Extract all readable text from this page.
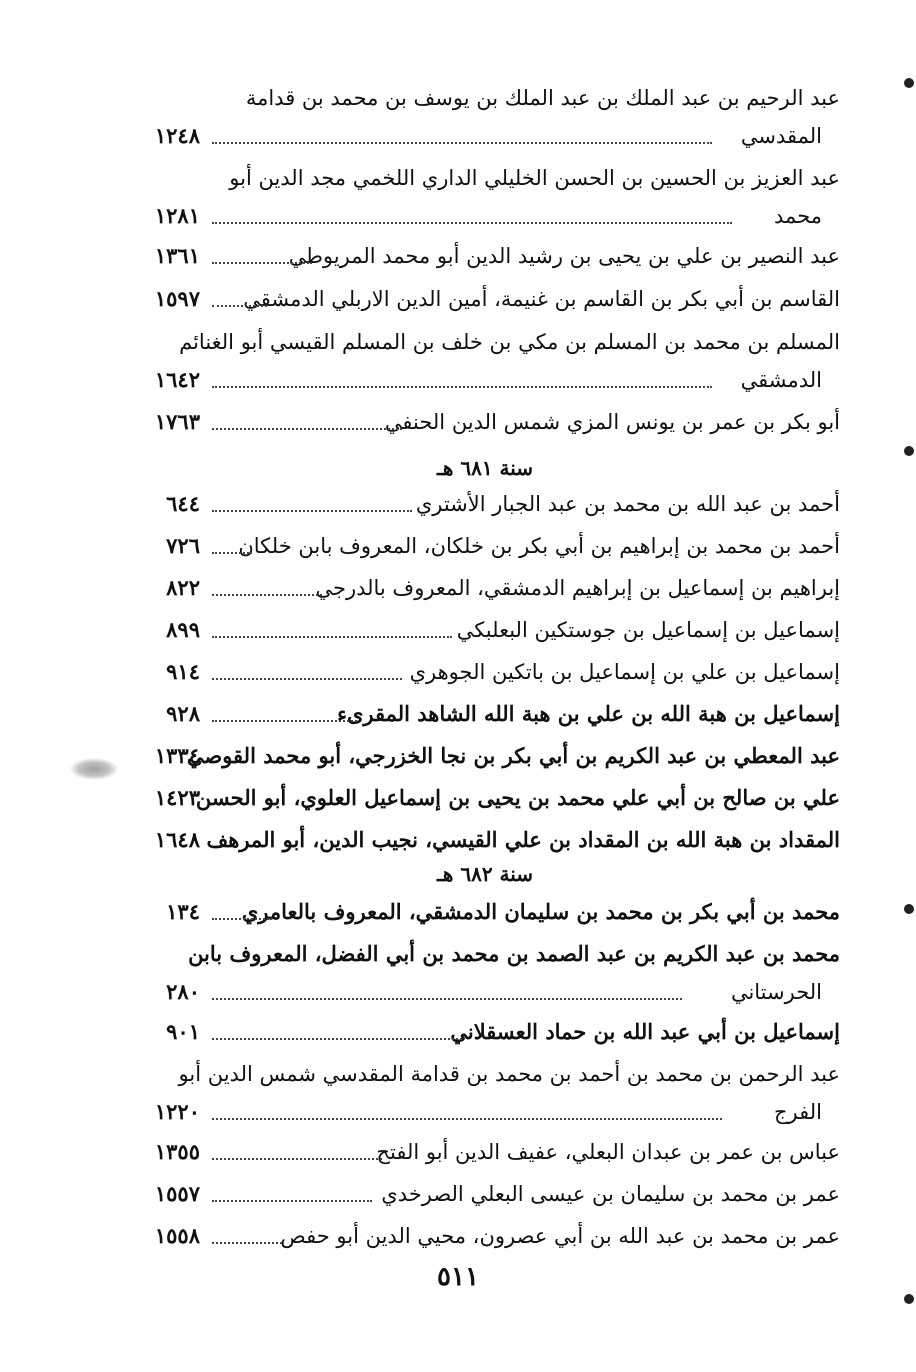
عبد الرحيم بن عبد الملك بن عبد الملك بن يوسف بن محمد بن قدامة
المقدسي
١٢٤٨
عبد العزيز بن الحسين بن الحسن الخليلي الداري اللخمي مجد الدين أبو
محمد
١٢٨١
عبد النصير بن علي بن يحيى بن رشيد الدين أبو محمد المريوطي
١٣٦١
القاسم بن أبي بكر بن القاسم بن غنيمة، أمين الدين الاربلي الدمشقي
١٥٩٧
المسلم بن محمد بن المسلم بن مكي بن خلف بن المسلم القيسي أبو الغنائم
الدمشقي
١٦٤٢
أبو بكر بن عمر بن يونس المزي شمس الدين الحنفي
١٧٦٣
سنة ٦٨١ هـ
أحمد بن عبد الله بن محمد بن عبد الجبار الأشتري
٦٤٤
أحمد بن محمد بن إبراهيم بن أبي بكر بن خلكان، المعروف بابن خلكان
٧٢٦
إبراهيم بن إسماعيل بن إبراهيم الدمشقي، المعروف بالدرجي
٨٢٢
إسماعيل بن إسماعيل بن جوستكين البعلبكي
٨٩٩
إسماعيل بن علي بن إسماعيل بن باتكين الجوهري
٩١٤
إسماعيل بن هبة الله بن علي بن هبة الله الشاهد المقرىء
٩٢٨
عبد المعطي بن عبد الكريم بن أبي بكر بن نجا الخزرجي، أبو محمد القوصي
١٣٣٤
علي بن صالح بن أبي علي محمد بن يحيى بن إسماعيل العلوي، أبو الحسن
١٤٢٣
المقداد بن هبة الله بن المقداد بن علي القيسي، نجيب الدين، أبو المرهف
١٦٤٨
سنة ٦٨٢ هـ
محمد بن أبي بكر بن محمد بن سليمان الدمشقي، المعروف بالعامري
١٣٤
محمد بن عبد الكريم بن عبد الصمد بن محمد بن أبي الفضل، المعروف بابن
الحرستاني
٢٨٠
إسماعيل بن أبي عبد الله بن حماد العسقلاني
٩٠١
عبد الرحمن بن محمد بن أحمد بن محمد بن قدامة المقدسي شمس الدين أبو
الفرج
١٢٢٠
عباس بن عمر بن عبدان البعلي، عفيف الدين أبو الفتح
١٣٥٥
عمر بن محمد بن سليمان بن عيسى البعلي الصرخدي
١٥٥٧
عمر بن محمد بن عبد الله بن أبي عصرون، محيي الدين أبو حفص
١٥٥٨
٥١١
